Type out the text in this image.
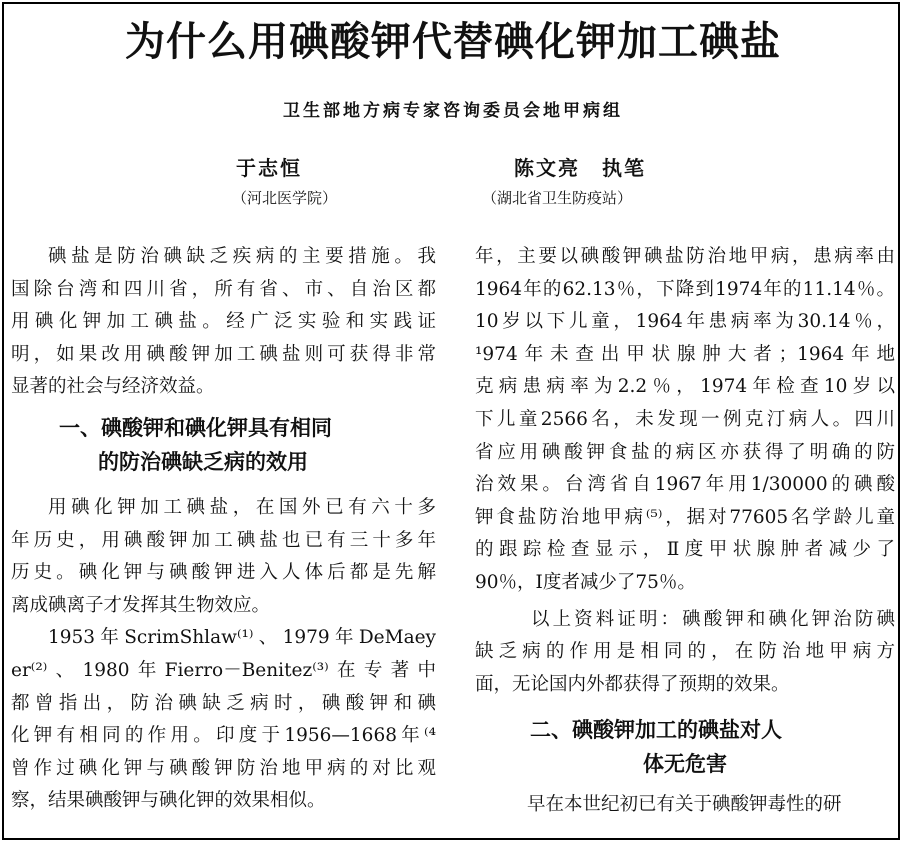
为什么用碘酸钾代替碘化钾加工碘盐
卫生部地方病专家咨询委员会地甲病组
于志恒
（河北医学院）
陈文亮　执笔
（湖北省卫生防疫站）
碘盐是防治碘缺乏疾病的主要措施。我
国除台湾和四川省，所有省、市、自治区都
用碘化钾加工碘盐。经广泛实验和实践证
明，如果改用碘酸钾加工碘盐则可获得非常
显著的社会与经济效益。
一、碘酸钾和碘化钾具有相同
的防治碘缺乏病的效用
用碘化钾加工碘盐，在国外已有六十多
年历史，用碘酸钾加工碘盐也已有三十多年
历史。碘化钾与碘酸钾进入人体后都是先解
离成碘离子才发挥其生物效应。
1953年ScrimShlaw⁽¹⁾、1979年DeMaey
er⁽²⁾、1980年Fierro－Benitez⁽³⁾在专著中
都曾指出，防治碘缺乏病时，碘酸钾和碘
化钾有相同的作用。印度于1956—1668年⁽⁴
曾作过碘化钾与碘酸钾防治地甲病的对比观
察，结果碘酸钾与碘化钾的效果相似。
年，主要以碘酸钾碘盐防治地甲病，患病率由
1964年的62.13％，下降到1974年的11.14％。
10岁以下儿童，1964年患病率为30.14％，
¹974年未查出甲状腺肿大者；1964年地
克病患病率为2.2％，1974年检查10岁以
下儿童2566名，未发现一例克汀病人。四川
省应用碘酸钾食盐的病区亦获得了明确的防
治效果。台湾省自1967年用1/30000的碘酸
钾食盐防治地甲病⁽⁵⁾，据对77605名学龄儿童
的跟踪检查显示，Ⅱ度甲状腺肿者减少了
90％，Ⅰ度者减少了75％。
以上资料证明：碘酸钾和碘化钾治防碘
缺乏病的作用是相同的，在防治地甲病方
面，无论国内外都获得了预期的效果。
二、碘酸钾加工的碘盐对人
体无危害
早在本世纪初已有关于碘酸钾毒性的研
